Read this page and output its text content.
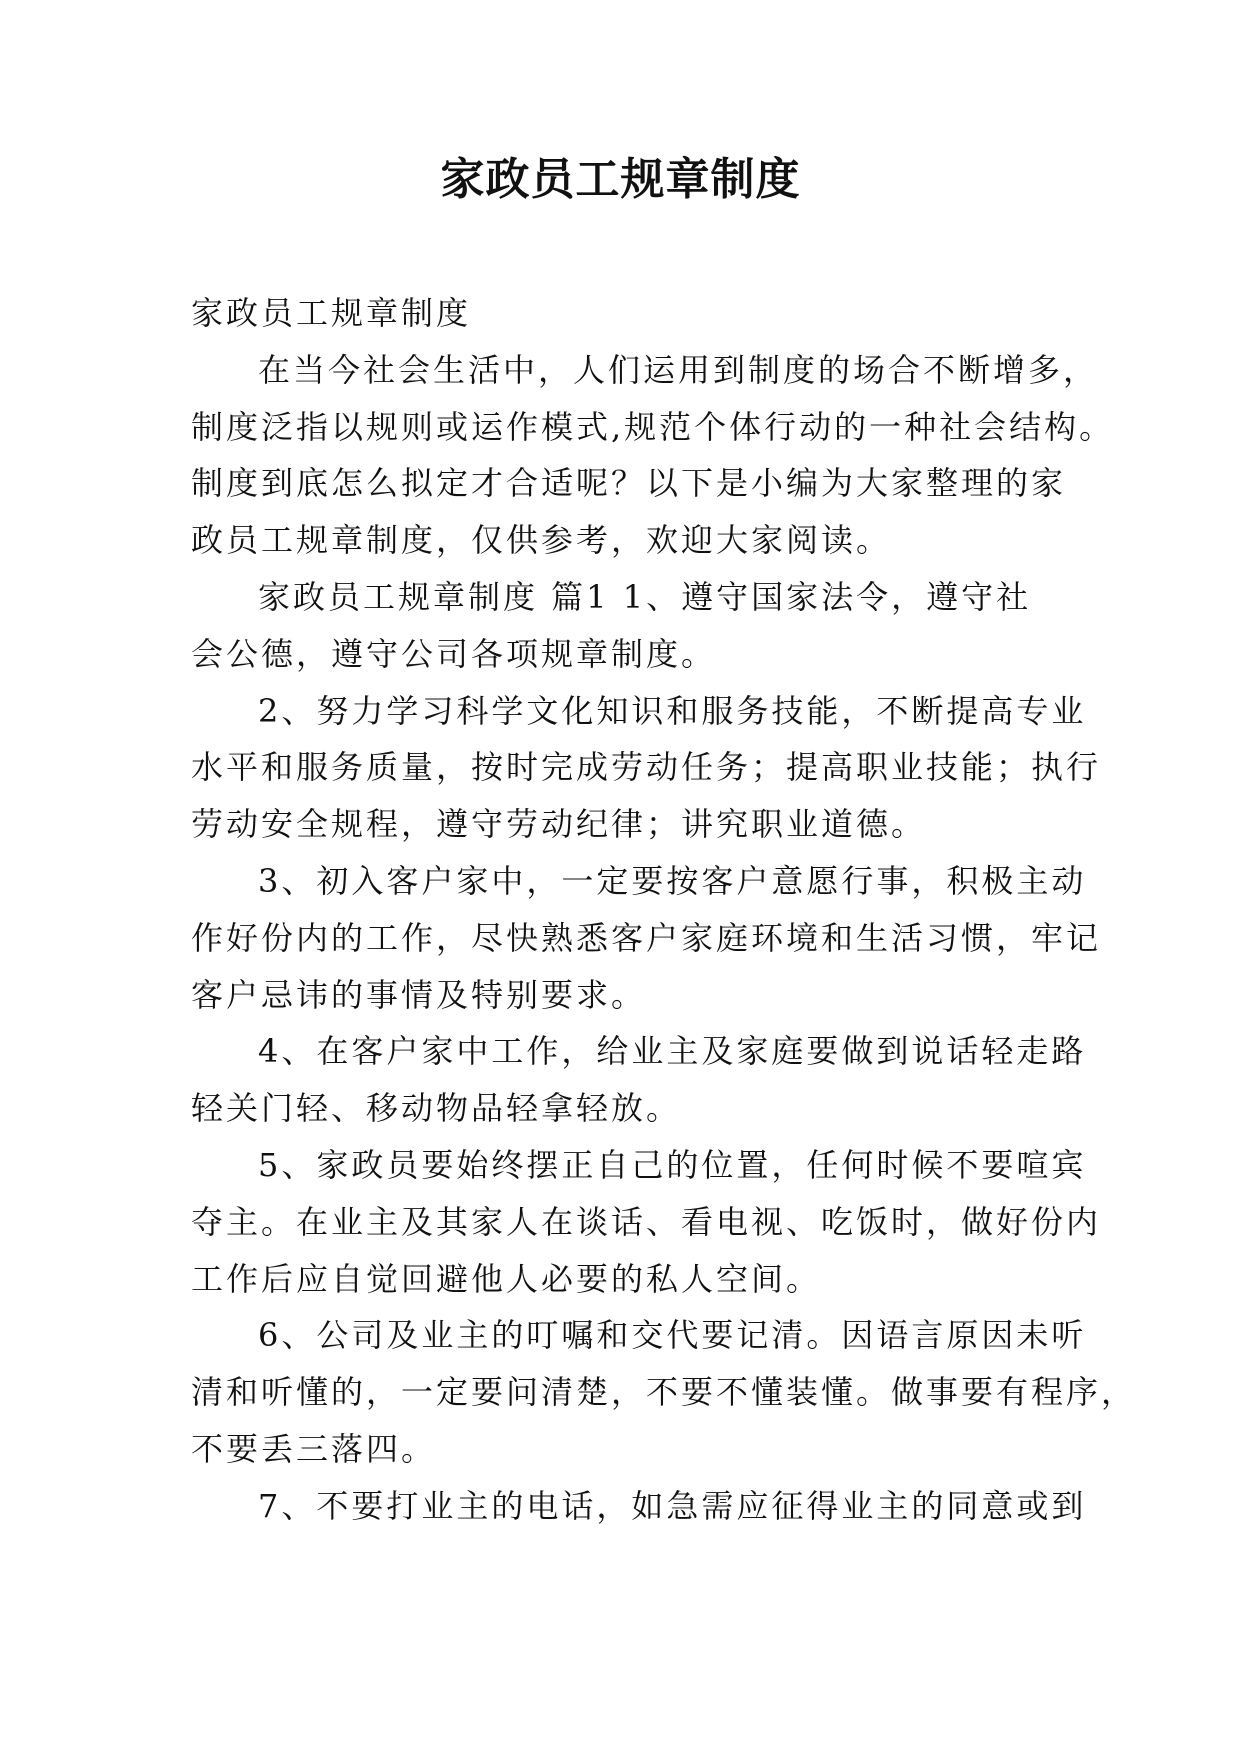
家政员工规章制度

家政员工规章制度

在当今社会生活中，人们运用到制度的场合不断增多，

制度泛指以规则或运作模式,规范个体行动的一种社会结构。

制度到底怎么拟定才合适呢？以下是小编为大家整理的家

政员工规章制度，仅供参考，欢迎大家阅读。

家政员工规章制度 篇1 1、遵守国家法令，遵守社

会公德，遵守公司各项规章制度。

2、努力学习科学文化知识和服务技能，不断提高专业

水平和服务质量，按时完成劳动任务；提高职业技能；执行

劳动安全规程，遵守劳动纪律；讲究职业道德。

3、初入客户家中，一定要按客户意愿行事，积极主动

作好份内的工作，尽快熟悉客户家庭环境和生活习惯，牢记

客户忌讳的事情及特别要求。

4、在客户家中工作，给业主及家庭要做到说话轻走路

轻关门轻、移动物品轻拿轻放。

5、家政员要始终摆正自己的位置，任何时候不要喧宾

夺主。在业主及其家人在谈话、看电视、吃饭时，做好份内

工作后应自觉回避他人必要的私人空间。

6、公司及业主的叮嘱和交代要记清。因语言原因未听

清和听懂的，一定要问清楚，不要不懂装懂。做事要有程序，

不要丢三落四。

7、不要打业主的电话，如急需应征得业主的同意或到
